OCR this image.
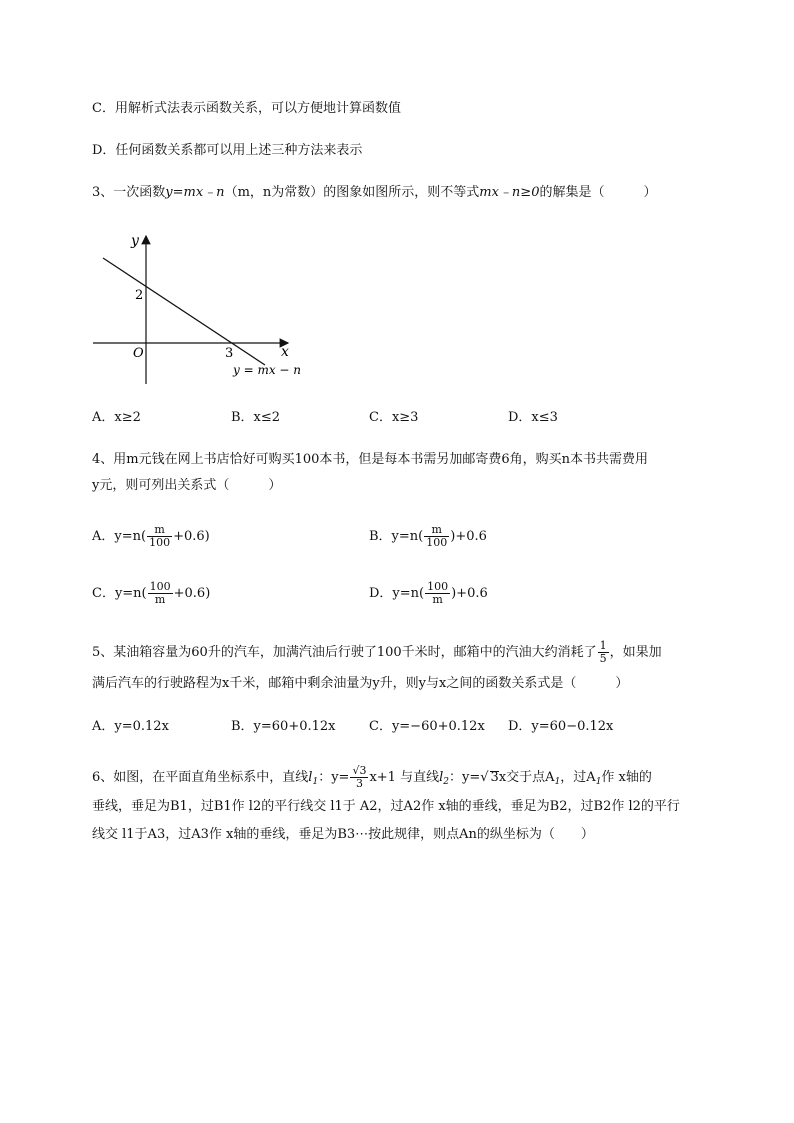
C．用解析式法表示函数关系，可以方便地计算函数值
D．任何函数关系都可以用上述三种方法来表示
3、一次函数y=mx﹣n（m，n为常数）的图象如图所示，则不等式mx﹣n≥0的解集是（　　　）
y
x
O
2
3
y = mx − n
A．x≥2	B．x≤2	C．x≥3	D．x≤3
4、用m元钱在网上书店恰好可购买100本书，但是每本书需另加邮寄费6角，购买n本书共需费用
y元，则可列出关系式（　　　）
A．$y=n( \frac{m}{100} +0.6)$	B．$y=n( \frac{m}{100} )+0.6$
C．$y=n( \frac{100}{m} +0.6)$	D．$y=n( \frac{100}{m} )+0.6$
5、某油箱容量为60升的汽车，加满汽油后行驶了100千米时，邮箱中的汽油大约消耗了 $\frac{1}{5}$ ，如果加
满后汽车的行驶路程为x千米，邮箱中剩余油量为y升，则y与x之间的函数关系式是（　　　）
A．y=0.12x	B．y=60+0.12x	C．y=−60+0.12x D．y=60−0.12x
6、如图，在平面直角坐标系中，直线$l_1$：$y= \frac{√3}{3} x+1$ 与直线$l_2$：y=√ 3x交于点$A_1$，过$A_1$作 x轴的
垂线，垂足为B1，过B1作 l2的平行线交 l1于 A2，过A2作 x轴的垂线，垂足为B2，过B2作 l2的平行
线交 l1于A3，过A3作 x轴的垂线，垂足为B3⋯按此规律，则点An的纵坐标为（　　）
